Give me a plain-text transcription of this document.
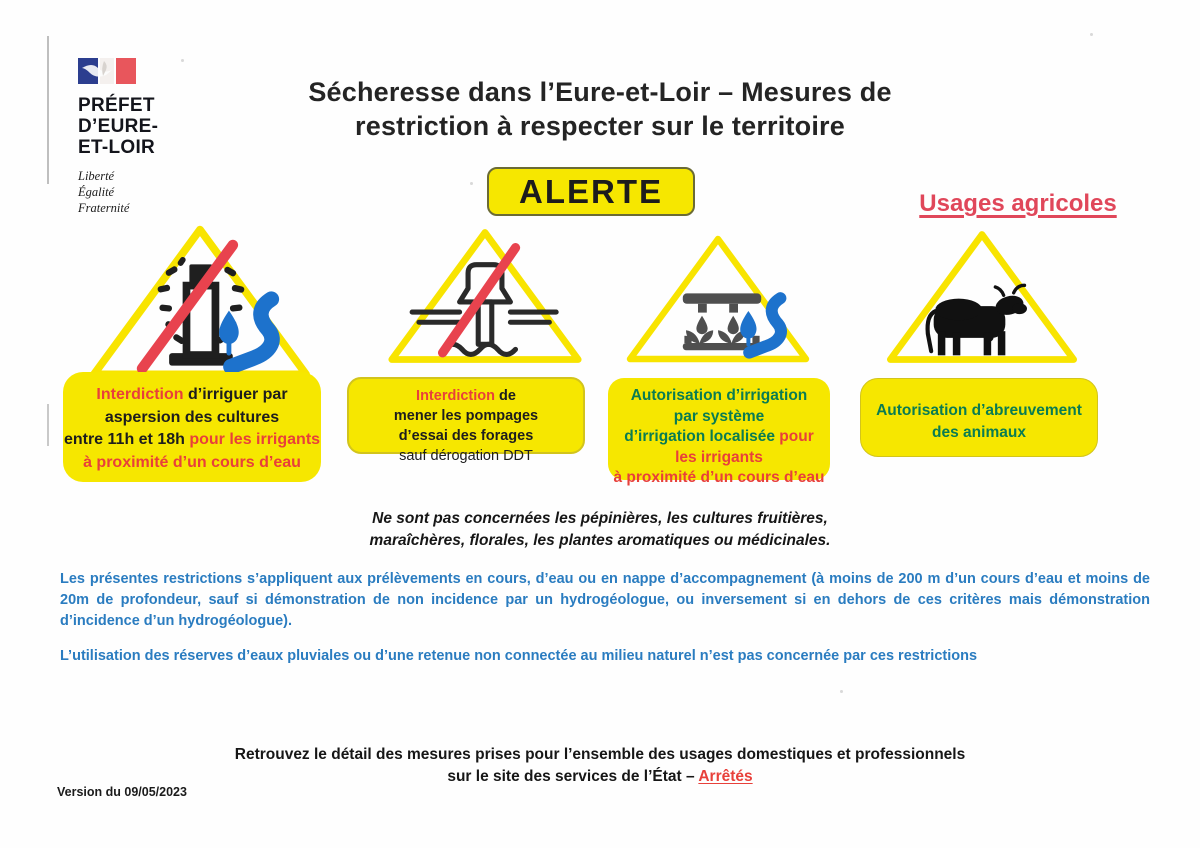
PRÉFET
D’EURE-
ET-LOIR
Liberté
Égalité
Fraternité
Sécheresse dans l’Eure-et-Loir – Mesures de
restriction à respecter sur le territoire
ALERTE	Usages agricoles
Interdiction d’irriguer par
aspersion des cultures
entre 11h et 18h pour les irrigants
à proximité d’un cours d’eau
Interdiction de
mener les pompages
d’essai des forages
sauf dérogation DDT
Autorisation d’irrigation
par système
d’irrigation localisée pour
les irrigants
à proximité d’un cours d’eau
Autorisation d’abreuvement
des animaux
Ne sont pas concernées les pépinières, les cultures fruitières,
maraîchères, florales, les plantes aromatiques ou médicinales.
Les présentes restrictions s’appliquent aux prélèvements en cours, d’eau ou en nappe d’accompagnement (à moins de 200 m d’un cours d’eau et moins de 20m de profondeur, sauf si démonstration de non incidence par un hydrogéologue, ou inversement si en dehors de ces critères mais démonstration d’incidence d’un hydrogéologue).
L’utilisation des réserves d’eaux pluviales ou d’une retenue non connectée au milieu naturel n’est pas concernée par ces restrictions
Retrouvez le détail des mesures prises pour l’ensemble des usages domestiques et professionnels
sur le site des services de l’État – Arrêtés
Version du 09/05/2023
